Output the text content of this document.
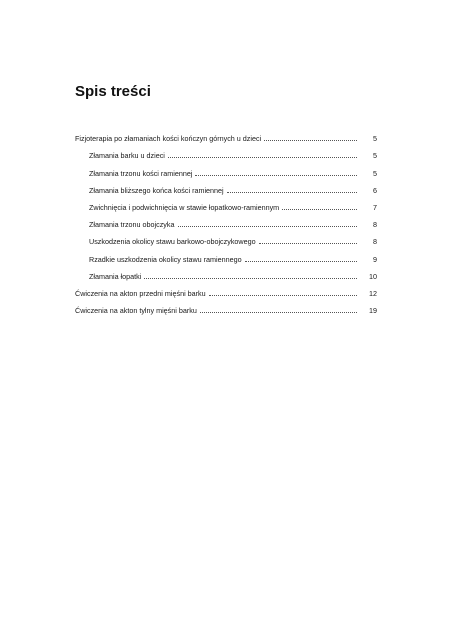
Spis treści
Fizjoterapia po złamaniach kości kończyn górnych u dzieci	5
Złamania barku u dzieci	5
Złamania trzonu kości ramiennej	5
Złamania bliższego końca kości ramiennej	6
Zwichnięcia i podwichnięcia w stawie łopatkowo-ramiennym	7
Złamania trzonu obojczyka	8
Uszkodzenia okolicy stawu barkowo-obojczykowego	8
Rzadkie uszkodzenia okolicy stawu ramiennego	9
Złamania łopatki	10
Ćwiczenia na akton przedni mięśni barku	12
Ćwiczenia na akton tylny mięśni barku	19
